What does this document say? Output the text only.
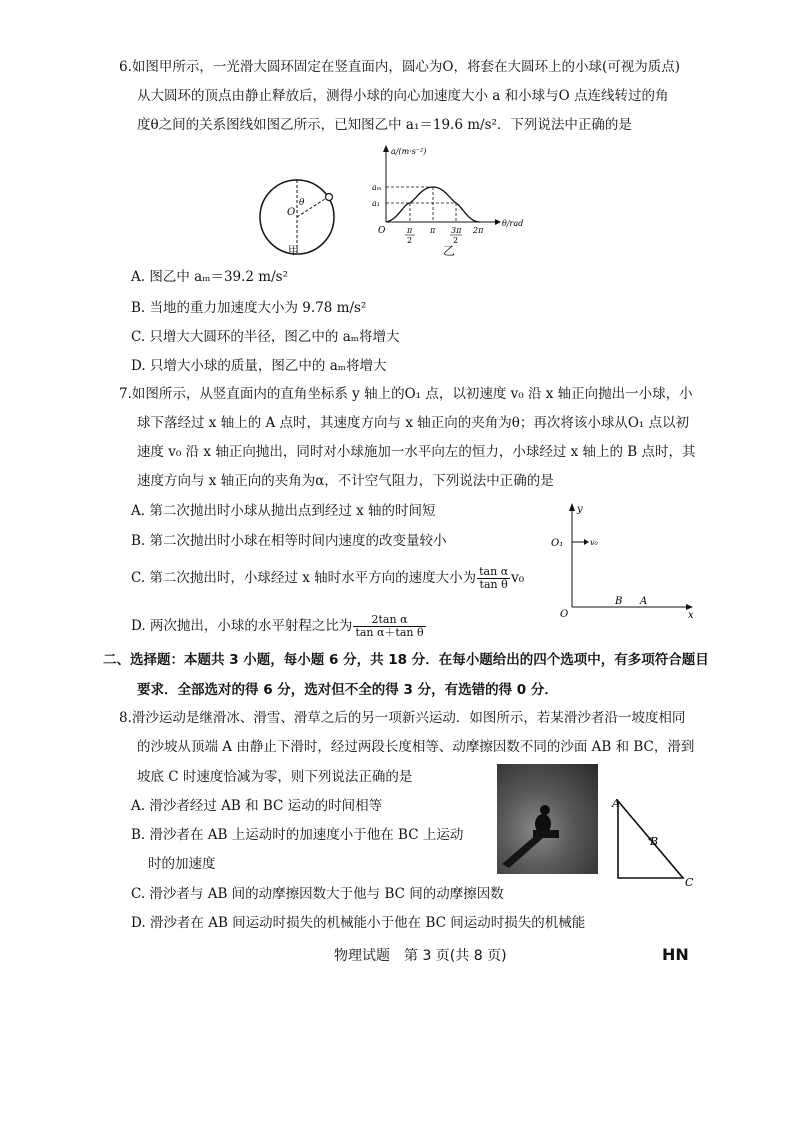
6.如图甲所示，一光滑大圆环固定在竖直面内，圆心为O，将套在大圆环上的小球(可视为质点)
从大圆环的顶点由静止释放后，测得小球的向心加速度大小 a 和小球与O 点连线转过的角
度θ之间的关系图线如图乙所示，已知图乙中 a₁＝19.6 m/s²．下列说法中正确的是
O
θ
甲
a/(m·s⁻²)
θ/rad
O
aₘ
a₁
π
2
π 3π
2
2π
乙
A. 图乙中 aₘ＝39.2 m/s²
B. 当地的重力加速度大小为 9.78 m/s²
C. 只增大大圆环的半径，图乙中的 aₘ将增大
D. 只增大小球的质量，图乙中的 aₘ将增大
7.如图所示，从竖直面内的直角坐标系 y 轴上的O₁ 点，以初速度 v₀ 沿 x 轴正向抛出一小球，小
球下落经过 x 轴上的 A 点时，其速度方向与 x 轴正向的夹角为θ；再次将该小球从O₁ 点以初
速度 v₀ 沿 x 轴正向抛出，同时对小球施加一水平向左的恒力，小球经过 x 轴上的 B 点时，其
速度方向与 x 轴正向的夹角为α，不计空气阻力，下列说法中正确的是
A. 第二次抛出时小球从抛出点到经过 x 轴的时间短
B. 第二次抛出时小球在相等时间内速度的改变量较小
C. 第二次抛出时，小球经过 x 轴时水平方向的速度大小为 $\frac{\text{tan α}}{\text{tan θ}} v_0$
D. 两次抛出，小球的水平射程之比为 $\frac{\text{2tan α}}{\text{tan α＋tan θ}}$
y
x
O₁	v₀
O
B A
二、选择题：本题共 3 小题，每小题 6 分，共 18 分．在每小题给出的四个选项中，有多项符合题目
要求．全部选对的得 6 分，选对但不全的得 3 分，有选错的得 0 分．
8.滑沙运动是继滑冰、滑雪、滑草之后的另一项新兴运动．如图所示，若某滑沙者沿一坡度相同
的沙坡从顶端 A 由静止下滑时，经过两段长度相等、动摩擦因数不同的沙面 AB 和 BC，滑到
坡底 C 时速度恰减为零，则下列说法正确的是
A. 滑沙者经过 AB 和 BC 运动的时间相等
B. 滑沙者在 AB 上运动时的加速度小于他在 BC 上运动
时的加速度
C. 滑沙者与 AB 间的动摩擦因数大于他与 BC 间的动摩擦因数
D. 滑沙者在 AB 间运动时损失的机械能小于他在 BC 间运动时损失的机械能
A
B
C
物理试题　第 3 页(共 8 页)	HN
